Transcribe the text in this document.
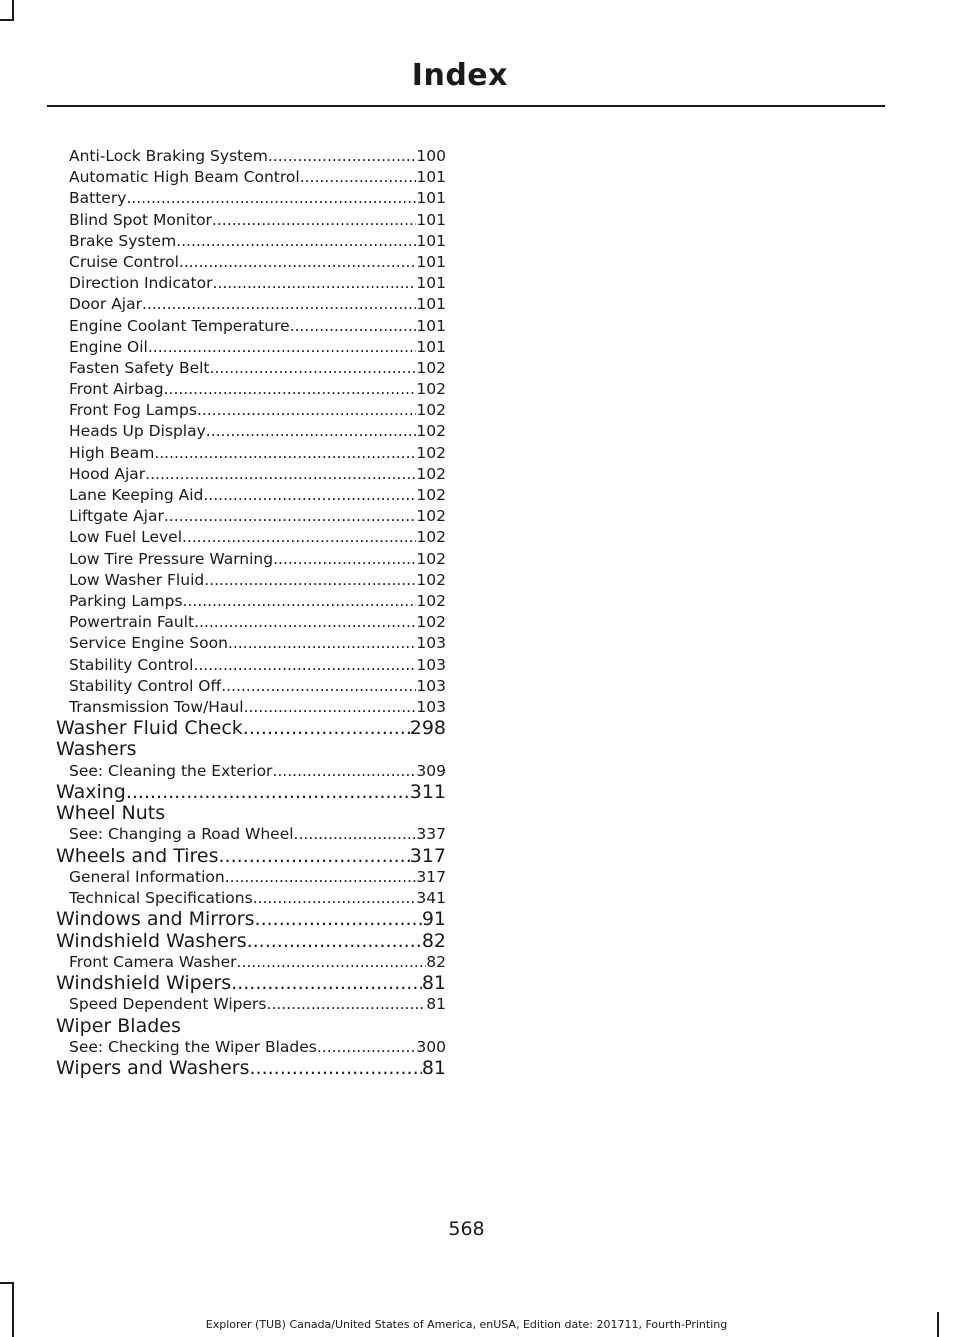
Index
Anti-Lock Braking System .....	100
Automatic High Beam Control .....	101
Battery .....	101
Blind Spot Monitor .....	101
Brake System .....	101
Cruise Control .....	101
Direction Indicator .....	101
Door Ajar .....	101
Engine Coolant Temperature .....	101
Engine Oil .....	101
Fasten Safety Belt .....	102
Front Airbag .....	102
Front Fog Lamps .....	102
Heads Up Display .....	102
High Beam .....	102
Hood Ajar .....	102
Lane Keeping Aid .....	102
Liftgate Ajar .....	102
Low Fuel Level .....	102
Low Tire Pressure Warning .....	102
Low Washer Fluid .....	102
Parking Lamps .....	102
Powertrain Fault .....	102
Service Engine Soon .....	103
Stability Control .....	103
Stability Control Off .....	103
Transmission Tow/Haul .....	103
Washer Fluid Check .....	298
Washers
See: Cleaning the Exterior .....	309
Waxing .....	311
Wheel Nuts
See: Changing a Road Wheel .....	337
Wheels and Tires .....	317
General Information .....	317
Technical Specifications .....	341
Windows and Mirrors .....	91
Windshield Washers .....	82
Front Camera Washer .....	82
Windshield Wipers .....	81
Speed Dependent Wipers .....	81
Wiper Blades
See: Checking the Wiper Blades .....	300
Wipers and Washers .....	81
568
Explorer (TUB) Canada/United States of America, enUSA, Edition date: 201711, Fourth-Printing
